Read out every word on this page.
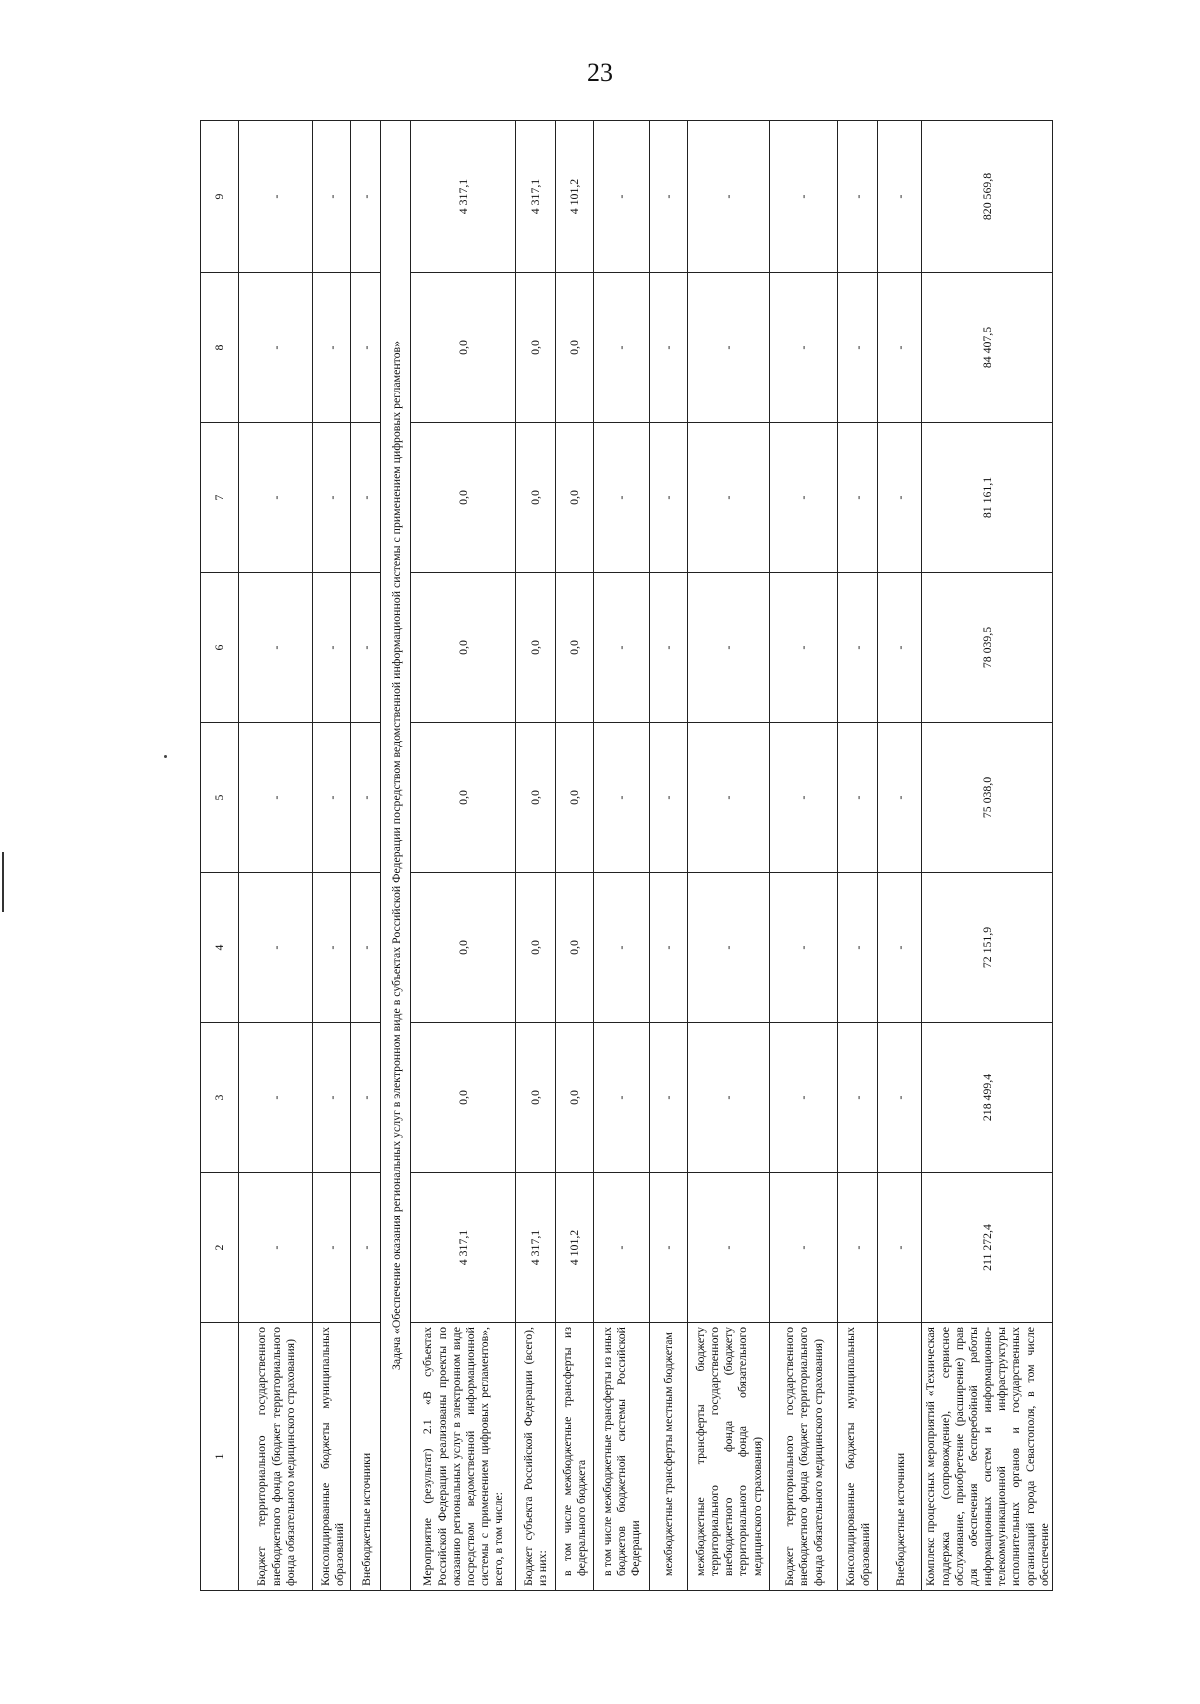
23
1	2	3	4	5	6	7	8	9
Бюджет территориального государственного внебюджетного фонда (бюджет территориального фонда обязательного медицинского страхования)	-	-	-	-	-	-	-	-
Консолидированные бюджеты муниципальных образований	-	-	-	-	-	-	-	-
Внебюджетные источники	-	-	-	-	-	-	-	-
Задача «Обеспечение оказания региональных услуг в электронном виде в субъектах Российской Федерации посредством ведомственной информационной системы с применением цифровых регламентов»								
Мероприятие (результат) 2.1 «В субъектах Российской Федерации реализованы проекты по оказанию региональных услуг в электронном виде посредством ведомственной информационной системы с применением цифровых регламентов», всего, в том числе:	4 317,1	0,0	0,0	0,0	0,0	0,0	0,0	4 317,1
Бюджет субъекта Российской Федерации (всего), из них:	4 317,1	0,0	0,0	0,0	0,0	0,0	0,0	4 317,1
в том числе межбюджетные трансферты из федерального бюджета	4 101,2	0,0	0,0	0,0	0,0	0,0	0,0	4 101,2
в том числе межбюджетные трансферты из иных бюджетов бюджетной системы Российской Федерации	-	-	-	-	-	-	-	-
межбюджетные трансферты местным бюджетам	-	-	-	-	-	-	-	-
межбюджетные трансферты бюджету территориального государственного внебюджетного фонда (бюджету территориального фонда обязательного медицинского страхования)	-	-	-	-	-	-	-	-
Бюджет территориального государственного внебюджетного фонда (бюджет территориального фонда обязательного медицинского страхования)	-	-	-	-	-	-	-	-
Консолидированные бюджеты муниципальных образований	-	-	-	-	-	-	-	-
Внебюджетные источники	-	-	-	-	-	-	-	-
Комплекс процессных мероприятий «Техническая поддержка (сопровождение), сервисное обслуживание, приобретение (расширение) прав для обеспечения бесперебойной работы информационных систем и информационно-телекоммуникационной инфраструктуры исполнительных органов и государственных организаций города Севастополя, в том числе обеспечение	211 272,4	218 499,4	72 151,9	75 038,0	78 039,5	81 161,1	84 407,5	820 569,8
